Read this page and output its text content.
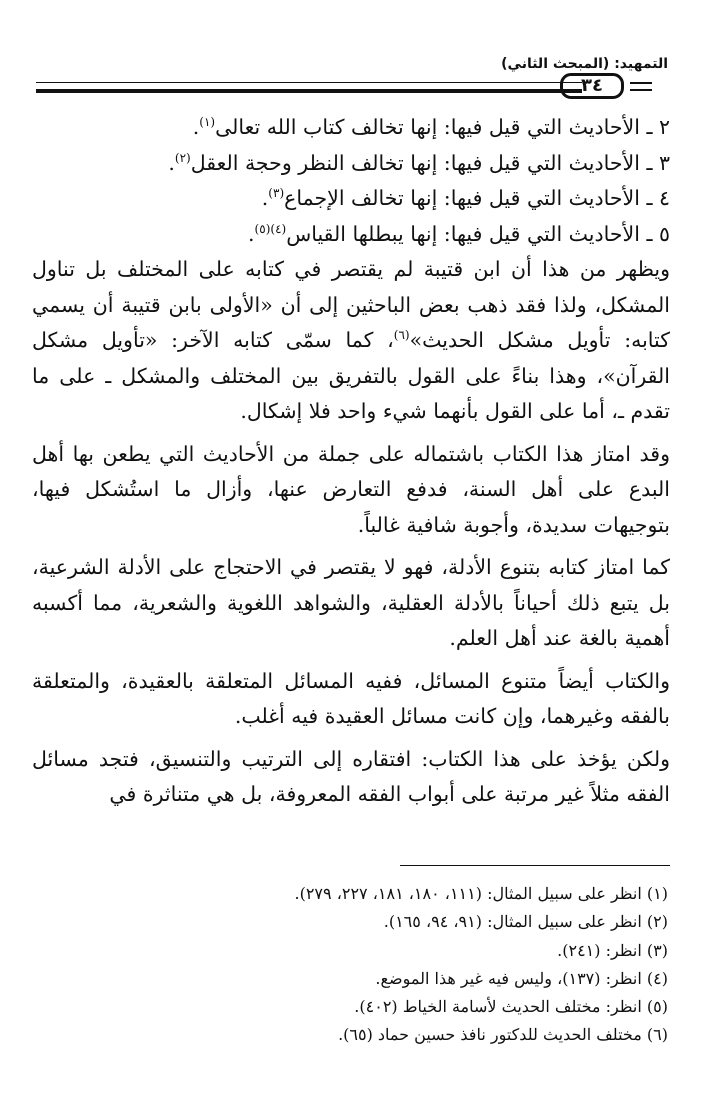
التمهيد: (المبحث الثاني)
٣٤

٢ ـ الأحاديث التي قيل فيها: إنها تخالف كتاب الله تعالى$^{(١)}$.

٣ ـ الأحاديث التي قيل فيها: إنها تخالف النظر وحجة العقل$^{(٢)}$.

٤ ـ الأحاديث التي قيل فيها: إنها تخالف الإجماع$^{(٣)}$.

٥ ـ الأحاديث التي قيل فيها: إنها يبطلها القياس$^{(٤)(٥)}$.

ويظهر من هذا أن ابن قتيبة لم يقتصر في كتابه على المختلف بل تناول المشكل، ولذا فقد ذهب بعض الباحثين إلى أن «الأولى بابن قتيبة أن يسمي كتابه: تأويل مشكل الحديث»$^{(٦)}$، كما سمّى كتابه الآخر: «تأويل مشكل القرآن»، وهذا بناءً على القول بالتفريق بين المختلف والمشكل ـ على ما تقدم ـ، أما على القول بأنهما شيء واحد فلا إشكال.

وقد امتاز هذا الكتاب باشتماله على جملة من الأحاديث التي يطعن بها أهل البدع على أهل السنة، فدفع التعارض عنها، وأزال ما استُشكل فيها، بتوجيهات سديدة، وأجوبة شافية غالباً.

كما امتاز كتابه بتنوع الأدلة، فهو لا يقتصر في الاحتجاج على الأدلة الشرعية، بل يتبع ذلك أحياناً بالأدلة العقلية، والشواهد اللغوية والشعرية، مما أكسبه أهمية بالغة عند أهل العلم.

والكتاب أيضاً متنوع المسائل، ففيه المسائل المتعلقة بالعقيدة، والمتعلقة بالفقه وغيرهما، وإن كانت مسائل العقيدة فيه أغلب.

ولكن يؤخذ على هذا الكتاب: افتقاره إلى الترتيب والتنسيق، فتجد مسائل الفقه مثلاً غير مرتبة على أبواب الفقه المعروفة، بل هي متناثرة في

(١) انظر على سبيل المثال: (١١١، ١٨٠، ١٨١، ٢٢٧، ٢٧٩).
(٢) انظر على سبيل المثال: (٩١، ٩٤، ١٦٥).
(٣) انظر: (٢٤١).
(٤) انظر: (١٣٧)، وليس فيه غير هذا الموضع.
(٥) انظر: مختلف الحديث لأسامة الخياط (٤٠٢).
(٦) مختلف الحديث للدكتور نافذ حسين حماد (٦٥).
